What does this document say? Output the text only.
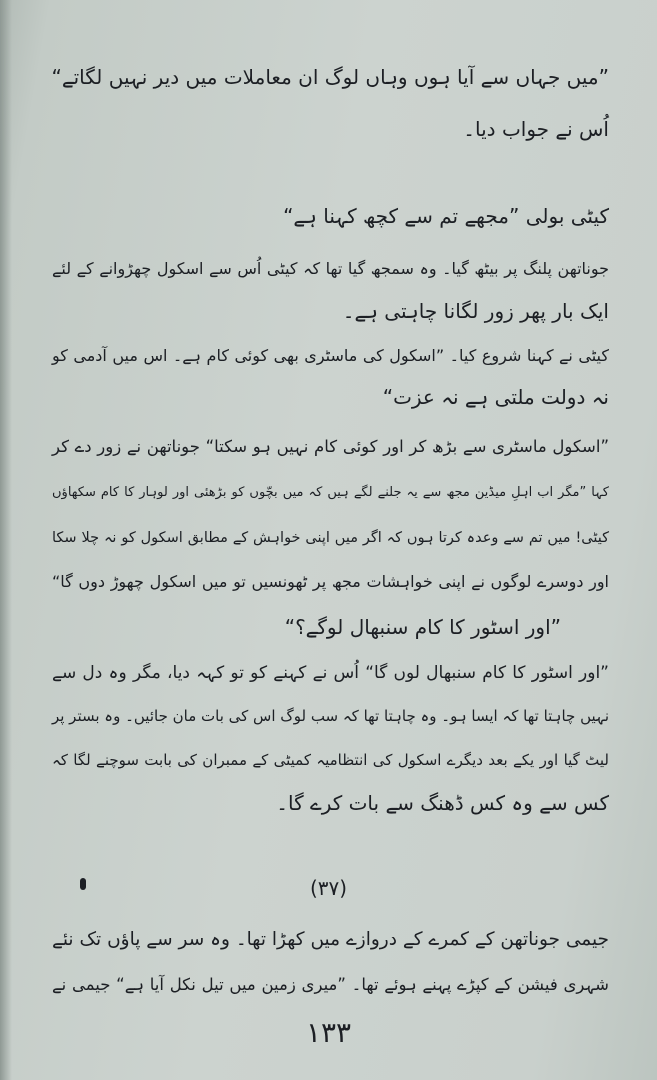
”میں جہاں سے آیا ہوں وہاں لوگ ان معاملات میں دیر نہیں لگاتے“
اُس نے جواب دیا۔
کیٹی بولی ”مجھے تم سے کچھ کہنا ہے“
جوناتھن پلنگ پر بیٹھ گیا۔ وہ سمجھ گیا تھا کہ کیٹی اُس سے اسکول چھڑوانے کے لئے
ایک بار پھر زور لگانا چاہتی ہے۔
کیٹی نے کہنا شروع کیا۔ ”اسکول کی ماسٹری بھی کوئی کام ہے۔ اس میں آدمی کو
نہ دولت ملتی ہے نہ عزت“
”اسکول ماسٹری سے بڑھ کر اور کوئی کام نہیں ہو سکتا“ جوناتھن نے زور دے کر
کہا ”مگر اب اہلِ میڈین مجھ سے یہ جلنے لگے ہیں کہ میں بچّوں کو بڑھئی اور لوہار کا کام سکھاؤں
کیٹی! میں تم سے وعدہ کرتا ہوں کہ اگر میں اپنی خواہش کے مطابق اسکول کو نہ چلا سکا
اور دوسرے لوگوں نے اپنی خواہشات مجھ پر ٹھونسیں تو میں اسکول چھوڑ دوں گا“
”اور اسٹور کا کام سنبھال لوگے؟“
”اور اسٹور کا کام سنبھال لوں گا“ اُس نے کہنے کو تو کہہ دیا، مگر وہ دل سے
نہیں چاہتا تھا کہ ایسا ہو۔ وہ چاہتا تھا کہ سب لوگ اس کی بات مان جائیں۔ وہ بستر پر
لیٹ گیا اور یکے بعد دیگرے اسکول کی انتظامیہ کمیٹی کے ممبران کی بابت سوچنے لگا کہ
کس سے وہ کس ڈھنگ سے بات کرے گا۔
(۳۷)
جیمی جوناتھن کے کمرے کے دروازے میں کھڑا تھا۔ وہ سر سے پاؤں تک نئے
شہری فیشن کے کپڑے پہنے ہوئے تھا۔ ”میری زمین میں تیل نکل آیا ہے“ جیمی نے
۱۳۳
